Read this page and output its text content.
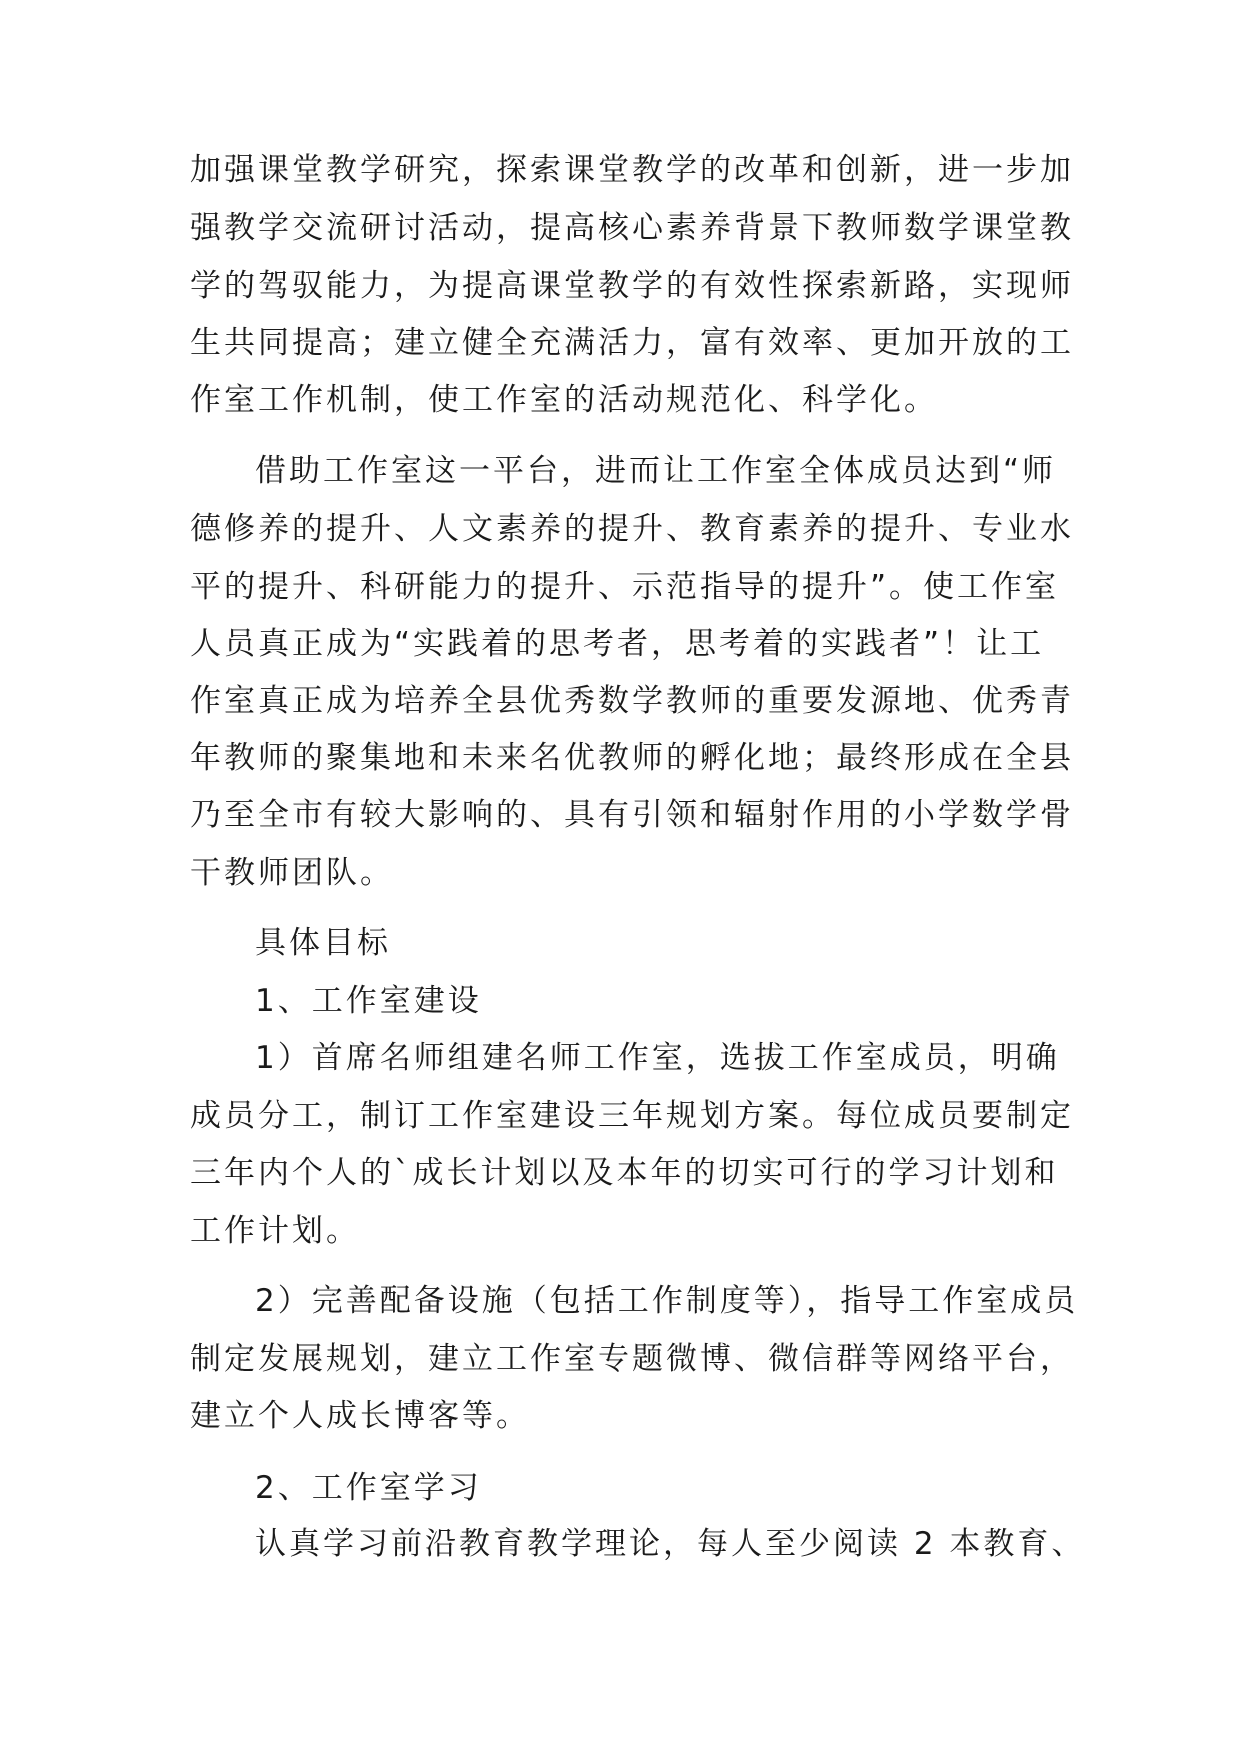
加强课堂教学研究，探索课堂教学的改革和创新，进一步加
强教学交流研讨活动，提高核心素养背景下教师数学课堂教
学的驾驭能力，为提高课堂教学的有效性探索新路，实现师
生共同提高；建立健全充满活力，富有效率、更加开放的工
作室工作机制，使工作室的活动规范化、科学化。
借助工作室这一平台，进而让工作室全体成员达到“师
德修养的提升、人文素养的提升、教育素养的提升、专业水
平的提升、科研能力的提升、示范指导的提升”。使工作室
人员真正成为“实践着的思考者，思考着的实践者”！让工
作室真正成为培养全县优秀数学教师的重要发源地、优秀青
年教师的聚集地和未来名优教师的孵化地；最终形成在全县
乃至全市有较大影响的、具有引领和辐射作用的小学数学骨
干教师团队。
具体目标
1、工作室建设
1）首席名师组建名师工作室，选拔工作室成员，明确
成员分工，制订工作室建设三年规划方案。每位成员要制定
三年内个人的`成长计划以及本年的切实可行的学习计划和
工作计划。
2）完善配备设施（包括工作制度等），指导工作室成员
制定发展规划，建立工作室专题微博、微信群等网络平台，
建立个人成长博客等。
2、工作室学习
认真学习前沿教育教学理论，每人至少阅读 2 本教育、
